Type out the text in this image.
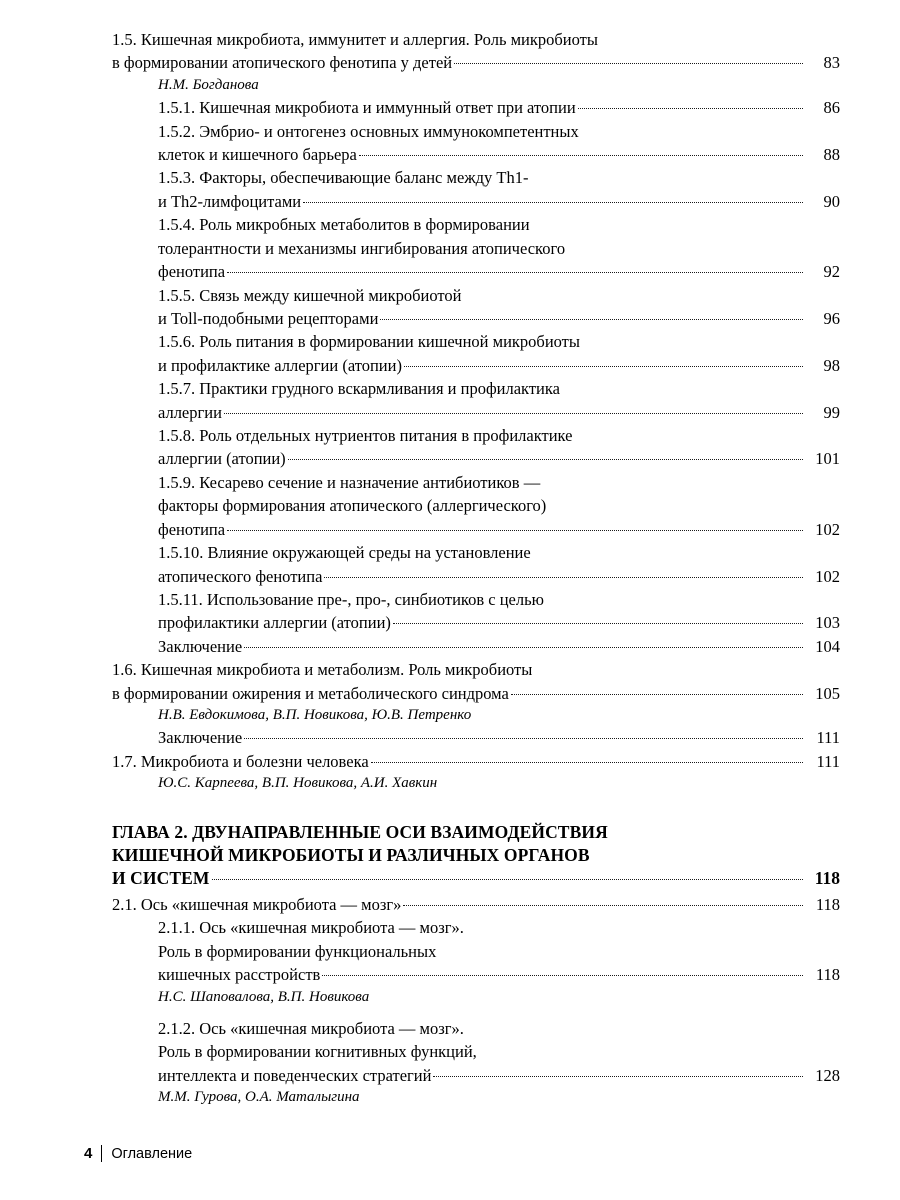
1.5. Кишечная микробиота, иммунитет и аллергия. Роль микробиоты
в формировании атопического фенотипа у детей	83
Н.М. Богданова
1.5.1. Кишечная микробиота и иммунный ответ при атопии	86
1.5.2. Эмбрио- и онтогенез основных иммунокомпетентных
клеток и кишечного барьера	88
1.5.3. Факторы, обеспечивающие баланс между Th1-
и Th2-лимфоцитами	90
1.5.4. Роль микробных метаболитов в формировании
толерантности и механизмы ингибирования атопического
фенотипа	92
1.5.5. Связь между кишечной микробиотой
и Toll-подобными рецепторами	96
1.5.6. Роль питания в формировании кишечной микробиоты
и профилактике аллергии (атопии)	98
1.5.7. Практики грудного вскармливания и профилактика
аллергии	99
1.5.8. Роль отдельных нутриентов питания в профилактике
аллергии (атопии)	101
1.5.9. Кесарево сечение и назначение антибиотиков —
факторы формирования атопического (аллергического)
фенотипа	102
1.5.10. Влияние окружающей среды на установление
атопического фенотипа	102
1.5.11. Использование пре-, про-, синбиотиков с целью
профилактики аллергии (атопии)	103
Заключение	104
1.6. Кишечная микробиота и метаболизм. Роль микробиоты
в формировании ожирения и метаболического синдрома	105
Н.В. Евдокимова, В.П. Новикова, Ю.В. Петренко
Заключение	111
1.7. Микробиота и болезни человека	111
Ю.С. Карпеева, В.П. Новикова, А.И. Хавкин
ГЛАВА 2. ДВУНАПРАВЛЕННЫЕ ОСИ ВЗАИМОДЕЙСТВИЯ
КИШЕЧНОЙ МИКРОБИОТЫ И РАЗЛИЧНЫХ ОРГАНОВ
И СИСТЕМ	118
2.1. Ось «кишечная микробиота — мозг»	118
2.1.1. Ось «кишечная микробиота — мозг».
Роль в формировании функциональных
кишечных расстройств	118
Н.С. Шаповалова, В.П. Новикова
2.1.2. Ось «кишечная микробиота — мозг».
Роль в формировании когнитивных функций,
интеллекта и поведенческих стратегий	128
М.М. Гурова, О.А. Маталыгина
4	Оглавление
